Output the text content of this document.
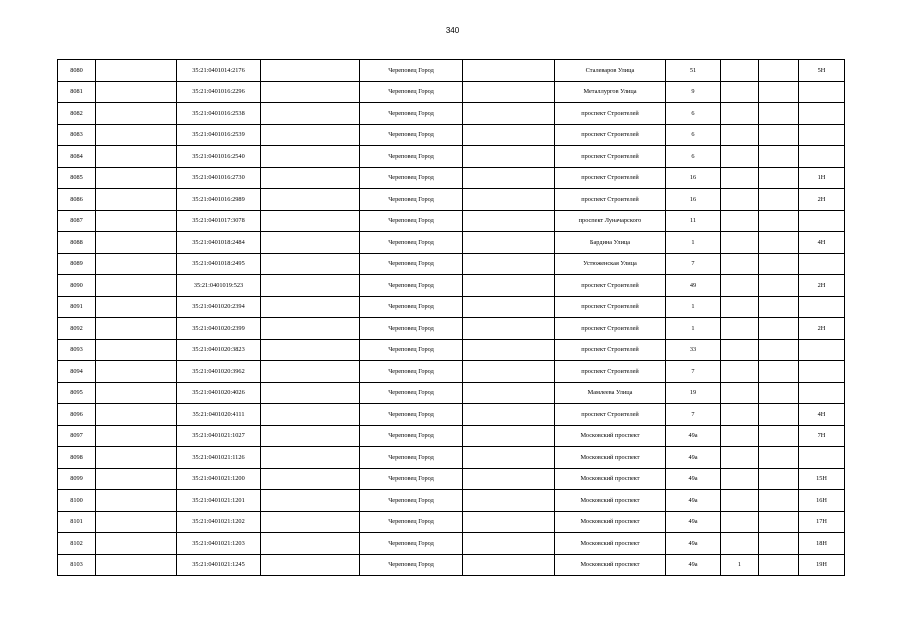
340
8080		35:21:0401014:2176		Череповец Город		Сталеваров Улица	51			5Н
8081		35:21:0401016:2296		Череповец Город		Металлургов Улица	9			
8082		35:21:0401016:2538		Череповец Город		проспект Строителей	6			
8083		35:21:0401016:2539		Череповец Город		проспект Строителей	6			
8084		35:21:0401016:2540		Череповец Город		проспект Строителей	6			
8085		35:21:0401016:2730		Череповец Город		проспект Строителей	16			1Н
8086		35:21:0401016:2989		Череповец Город		проспект Строителей	16			2Н
8087		35:21:0401017:3078		Череповец Город		проспект Луначарского	11			
8088		35:21:0401018:2484		Череповец Город		Бардина Улица	1			4Н
8089		35:21:0401018:2495		Череповец Город		Устюженская Улица	7			
8090		35:21:0401019:523		Череповец Город		проспект Строителей	49			2Н
8091		35:21:0401020:2394		Череповец Город		проспект Строителей	1			
8092		35:21:0401020:2399		Череповец Город		проспект Строителей	1			2Н
8093		35:21:0401020:3823		Череповец Город		проспект Строителей	33			
8094		35:21:0401020:3962		Череповец Город		проспект Строителей	7			
8095		35:21:0401020:4026		Череповец Город		Мамлеева Улица	19			
8096		35:21:0401020:4111		Череповец Город		проспект Строителей	7			4Н
8097		35:21:0401021:1027		Череповец Город		Московский проспект	49а			7Н
8098		35:21:0401021:1126		Череповец Город		Московский проспект	49а			
8099		35:21:0401021:1200		Череповец Город		Московский проспект	49а			15Н
8100		35:21:0401021:1201		Череповец Город		Московский проспект	49а			16Н
8101		35:21:0401021:1202		Череповец Город		Московский проспект	49а			17Н
8102		35:21:0401021:1203		Череповец Город		Московский проспект	49а			18Н
8103		35:21:0401021:1245		Череповец Город		Московский проспект	49а	1		19Н
